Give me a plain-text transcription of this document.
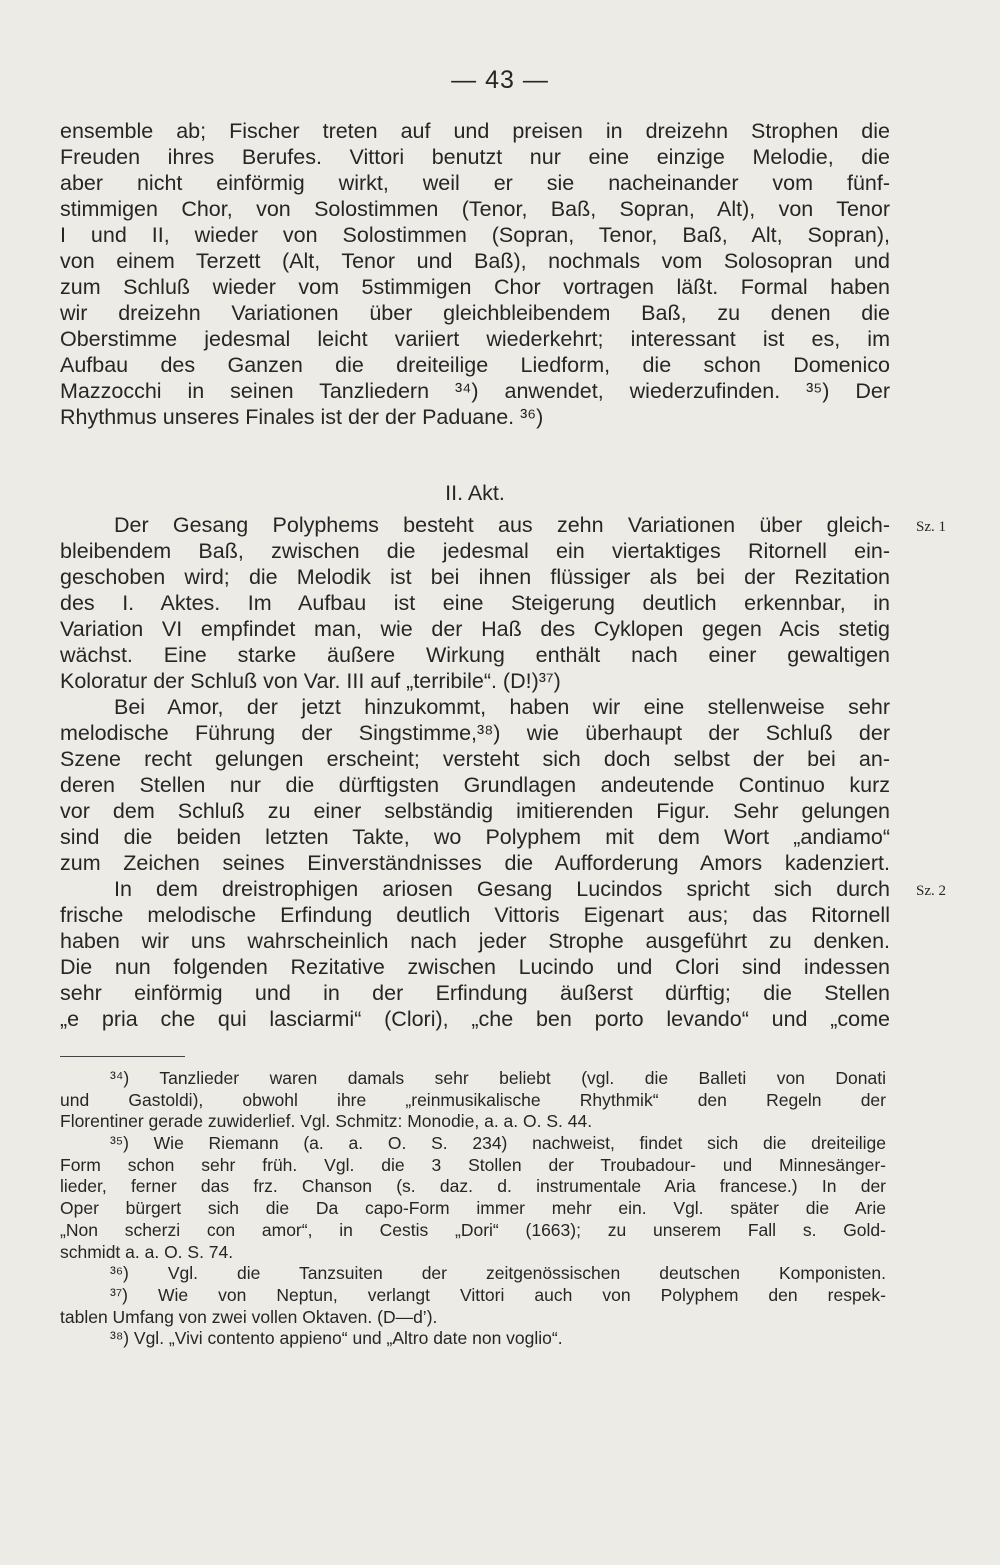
— 43 —
ensemble ab; Fischer treten auf und preisen in dreizehn Strophen die
Freuden ihres Berufes. Vittori benutzt nur eine einzige Melodie, die
aber nicht einförmig wirkt, weil er sie nacheinander vom fünf-
stimmigen Chor, von Solostimmen (Tenor, Baß, Sopran, Alt), von Tenor
I und II, wieder von Solostimmen (Sopran, Tenor, Baß, Alt, Sopran),
von einem Terzett (Alt, Tenor und Baß), nochmals vom Solosopran und
zum Schluß wieder vom 5stimmigen Chor vortragen läßt. Formal haben
wir dreizehn Variationen über gleichbleibendem Baß, zu denen die
Oberstimme jedesmal leicht variiert wiederkehrt; interessant ist es, im
Aufbau des Ganzen die dreiteilige Liedform, die schon Domenico
Mazzocchi in seinen Tanzliedern ³⁴) anwendet, wiederzufinden. ³⁵) Der
Rhythmus unseres Finales ist der der Paduane. ³⁶)
II. Akt.
Der Gesang Polyphems besteht aus zehn Variationen über gleich-
bleibendem Baß, zwischen die jedesmal ein viertaktiges Ritornell ein-
geschoben wird; die Melodik ist bei ihnen flüssiger als bei der Rezitation
des I. Aktes. Im Aufbau ist eine Steigerung deutlich erkennbar, in
Variation VI empfindet man, wie der Haß des Cyklopen gegen Acis stetig
wächst. Eine starke äußere Wirkung enthält nach einer gewaltigen
Koloratur der Schluß von Var. III auf „terribile“. (D!)³⁷)
Bei Amor, der jetzt hinzukommt, haben wir eine stellenweise sehr
melodische Führung der Singstimme,³⁸) wie überhaupt der Schluß der
Szene recht gelungen erscheint; versteht sich doch selbst der bei an-
deren Stellen nur die dürftigsten Grundlagen andeutende Continuo kurz
vor dem Schluß zu einer selbständig imitierenden Figur. Sehr gelungen
sind die beiden letzten Takte, wo Polyphem mit dem Wort „andiamo“
zum Zeichen seines Einverständnisses die Aufforderung Amors kadenziert.
In dem dreistrophigen ariosen Gesang Lucindos spricht sich durch
frische melodische Erfindung deutlich Vittoris Eigenart aus; das Ritornell
haben wir uns wahrscheinlich nach jeder Strophe ausgeführt zu denken.
Die nun folgenden Rezitative zwischen Lucindo und Clori sind indessen
sehr einförmig und in der Erfindung äußerst dürftig; die Stellen
„e pria che qui lasciarmi“ (Clori), „che ben porto levando“ und „come
Sz. 1
Sz. 2
³⁴) Tanzlieder waren damals sehr beliebt (vgl. die Balleti von Donati
und Gastoldi), obwohl ihre „reinmusikalische Rhythmik“ den Regeln der
Florentiner gerade zuwiderlief. Vgl. Schmitz: Monodie, a. a. O. S. 44.
³⁵) Wie Riemann (a. a. O. S. 234) nachweist, findet sich die dreiteilige
Form schon sehr früh. Vgl. die 3 Stollen der Troubadour- und Minnesänger-
lieder, ferner das frz. Chanson (s. daz. d. instrumentale Aria francese.) In der
Oper bürgert sich die Da capo-Form immer mehr ein. Vgl. später die Arie
„Non scherzi con amor“, in Cestis „Dori“ (1663); zu unserem Fall s. Gold-
schmidt a. a. O. S. 74.
³⁶) Vgl. die Tanzsuiten der zeitgenössischen deutschen Komponisten.
³⁷) Wie von Neptun, verlangt Vittori auch von Polyphem den respek-
tablen Umfang von zwei vollen Oktaven. (D—d’).
³⁸) Vgl. „Vivi contento appieno“ und „Altro date non voglio“.
